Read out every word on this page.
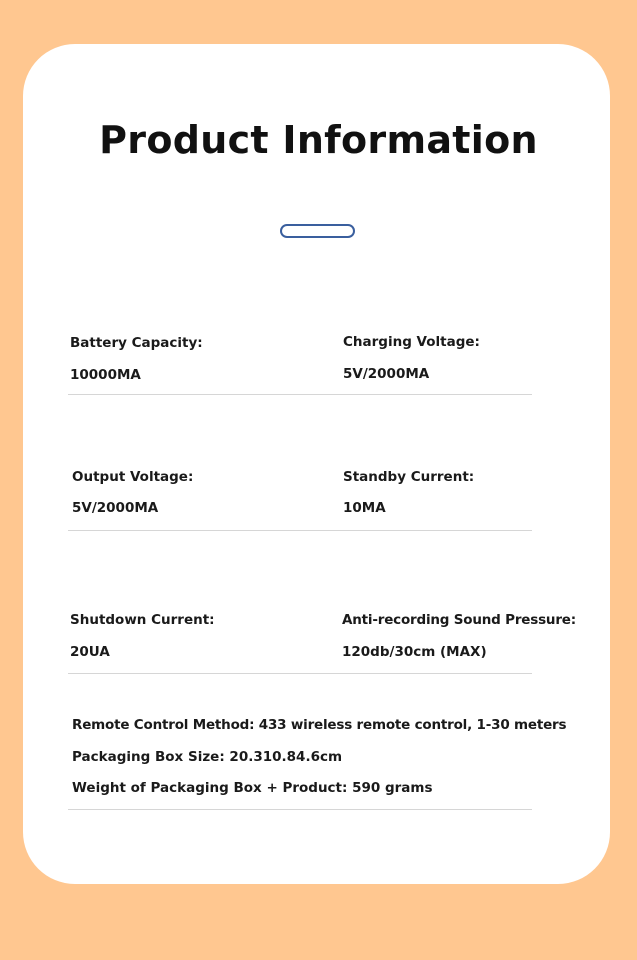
Product Information

Battery Capacity:

10000MA

Charging Voltage:

5V/2000MA

Output Voltage:

5V/2000MA

Standby Current:

10MA

Shutdown Current:

20UA

Anti-recording Sound Pressure:

120db/30cm (MAX)

Remote Control Method: 433 wireless remote control, 1-30 meters

Packaging Box Size: 20.310.84.6cm

Weight of Packaging Box + Product: 590 grams
